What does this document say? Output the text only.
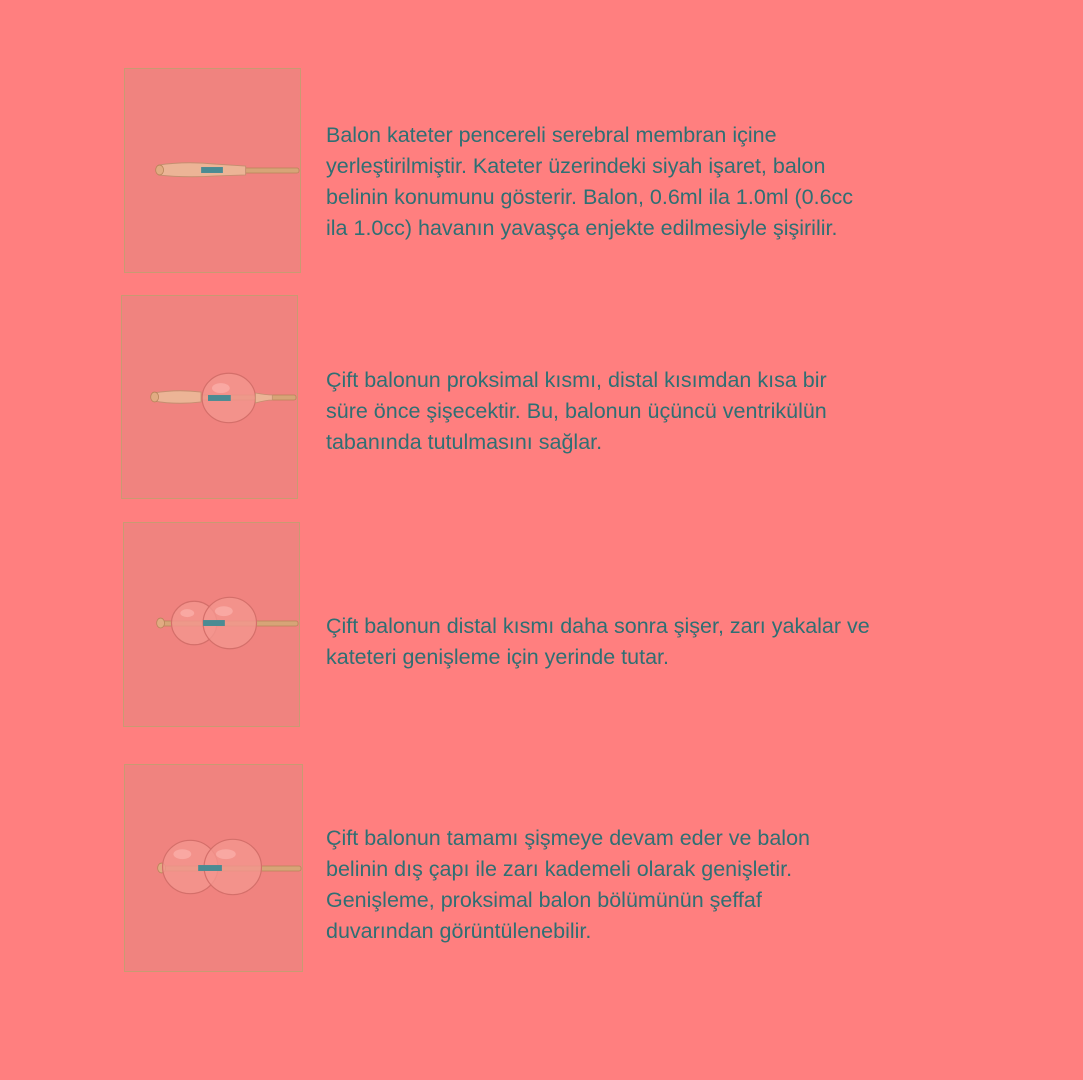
Balon kateter pencereli serebral membran içine
yerleştirilmiştir. Kateter üzerindeki siyah işaret, balon
belinin konumunu gösterir. Balon, 0.6ml ila 1.0ml (0.6cc
ila 1.0cc) havanın yavaşça enjekte edilmesiyle şişirilir.

Çift balonun proksimal kısmı, distal kısımdan kısa bir
süre önce şişecektir. Bu, balonun üçüncü ventrikülün
tabanında tutulmasını sağlar.

Çift balonun distal kısmı daha sonra şişer, zarı yakalar ve
kateteri genişleme için yerinde tutar.

Çift balonun tamamı şişmeye devam eder ve balon
belinin dış çapı ile zarı kademeli olarak genişletir.
Genişleme, proksimal balon bölümünün şeffaf
duvarından görüntülenebilir.
